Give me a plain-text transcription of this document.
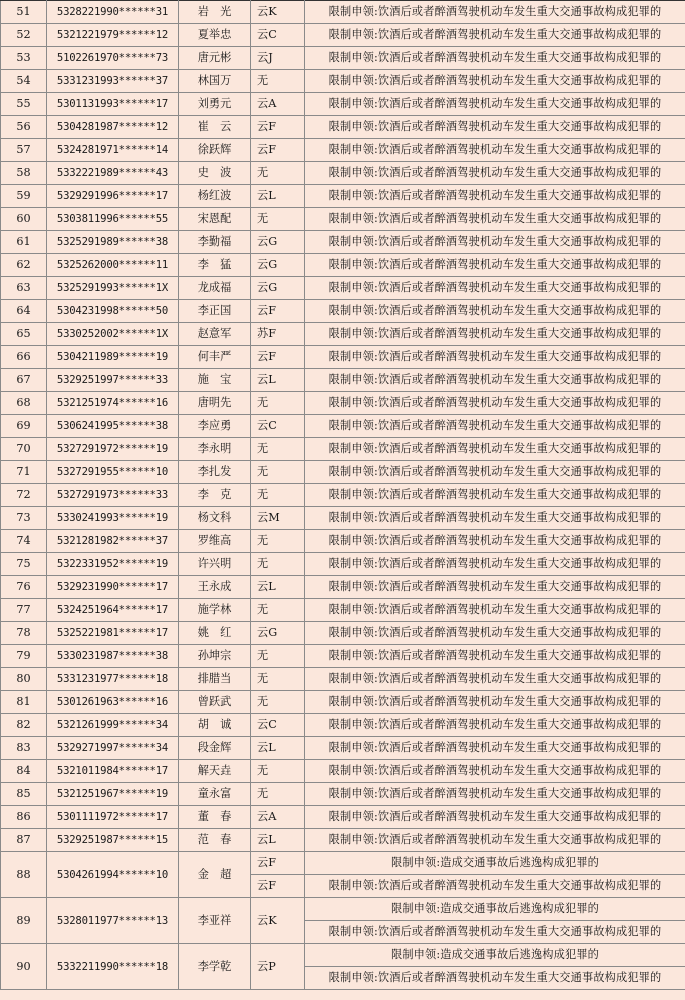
51	5328221990******31	岩　光	云K	限制申领:饮酒后或者醉酒驾驶机动车发生重大交通事故构成犯罪的
52	5321221979******12	夏举忠	云C	限制申领:饮酒后或者醉酒驾驶机动车发生重大交通事故构成犯罪的
53	5102261970******73	唐元彬	云J	限制申领:饮酒后或者醉酒驾驶机动车发生重大交通事故构成犯罪的
54	5331231993******37	林国万	无	限制申领:饮酒后或者醉酒驾驶机动车发生重大交通事故构成犯罪的
55	5301131993******17	刘勇元	云A	限制申领:饮酒后或者醉酒驾驶机动车发生重大交通事故构成犯罪的
56	5304281987******12	崔　云	云F	限制申领:饮酒后或者醉酒驾驶机动车发生重大交通事故构成犯罪的
57	5324281971******14	徐跃辉	云F	限制申领:饮酒后或者醉酒驾驶机动车发生重大交通事故构成犯罪的
58	5332221989******43	史　波	无	限制申领:饮酒后或者醉酒驾驶机动车发生重大交通事故构成犯罪的
59	5329291996******17	杨红波	云L	限制申领:饮酒后或者醉酒驾驶机动车发生重大交通事故构成犯罪的
60	5303811996******55	宋恩配	无	限制申领:饮酒后或者醉酒驾驶机动车发生重大交通事故构成犯罪的
61	5325291989******38	李勤福	云G	限制申领:饮酒后或者醉酒驾驶机动车发生重大交通事故构成犯罪的
62	5325262000******11	李　猛	云G	限制申领:饮酒后或者醉酒驾驶机动车发生重大交通事故构成犯罪的
63	5325291993******1X	龙成福	云G	限制申领:饮酒后或者醉酒驾驶机动车发生重大交通事故构成犯罪的
64	5304231998******50	李正国	云F	限制申领:饮酒后或者醉酒驾驶机动车发生重大交通事故构成犯罪的
65	5330252002******1X	赵意军	苏F	限制申领:饮酒后或者醉酒驾驶机动车发生重大交通事故构成犯罪的
66	5304211989******19	何丰严	云F	限制申领:饮酒后或者醉酒驾驶机动车发生重大交通事故构成犯罪的
67	5329251997******33	施　宝	云L	限制申领:饮酒后或者醉酒驾驶机动车发生重大交通事故构成犯罪的
68	5321251974******16	唐明先	无	限制申领:饮酒后或者醉酒驾驶机动车发生重大交通事故构成犯罪的
69	5306241995******38	李应勇	云C	限制申领:饮酒后或者醉酒驾驶机动车发生重大交通事故构成犯罪的
70	5327291972******19	李永明	无	限制申领:饮酒后或者醉酒驾驶机动车发生重大交通事故构成犯罪的
71	5327291955******10	李扎发	无	限制申领:饮酒后或者醉酒驾驶机动车发生重大交通事故构成犯罪的
72	5327291973******33	李　克	无	限制申领:饮酒后或者醉酒驾驶机动车发生重大交通事故构成犯罪的
73	5330241993******19	杨文科	云M	限制申领:饮酒后或者醉酒驾驶机动车发生重大交通事故构成犯罪的
74	5321281982******37	罗维高	无	限制申领:饮酒后或者醉酒驾驶机动车发生重大交通事故构成犯罪的
75	5322331952******19	许兴明	无	限制申领:饮酒后或者醉酒驾驶机动车发生重大交通事故构成犯罪的
76	5329231990******17	王永成	云L	限制申领:饮酒后或者醉酒驾驶机动车发生重大交通事故构成犯罪的
77	5324251964******17	施学林	无	限制申领:饮酒后或者醉酒驾驶机动车发生重大交通事故构成犯罪的
78	5325221981******17	姚　红	云G	限制申领:饮酒后或者醉酒驾驶机动车发生重大交通事故构成犯罪的
79	5330231987******38	孙坤宗	无	限制申领:饮酒后或者醉酒驾驶机动车发生重大交通事故构成犯罪的
80	5331231977******18	排腊当	无	限制申领:饮酒后或者醉酒驾驶机动车发生重大交通事故构成犯罪的
81	5301261963******16	曾跃武	无	限制申领:饮酒后或者醉酒驾驶机动车发生重大交通事故构成犯罪的
82	5321261999******34	胡　诚	云C	限制申领:饮酒后或者醉酒驾驶机动车发生重大交通事故构成犯罪的
83	5329271997******34	段金辉	云L	限制申领:饮酒后或者醉酒驾驶机动车发生重大交通事故构成犯罪的
84	5321011984******17	解天垚	无	限制申领:饮酒后或者醉酒驾驶机动车发生重大交通事故构成犯罪的
85	5321251967******19	童永富	无	限制申领:饮酒后或者醉酒驾驶机动车发生重大交通事故构成犯罪的
86	5301111972******17	董　春	云A	限制申领:饮酒后或者醉酒驾驶机动车发生重大交通事故构成犯罪的
87	5329251987******15	范　春	云L	限制申领:饮酒后或者醉酒驾驶机动车发生重大交通事故构成犯罪的
88	5304261994******10	金　超	云F	限制申领:造成交通事故后逃逸构成犯罪的
			云F	限制申领:饮酒后或者醉酒驾驶机动车发生重大交通事故构成犯罪的
89	5328011977******13	李亚祥	云K	限制申领:造成交通事故后逃逸构成犯罪的
				限制申领:饮酒后或者醉酒驾驶机动车发生重大交通事故构成犯罪的
90	5332211990******18	李学乾	云P	限制申领:造成交通事故后逃逸构成犯罪的
				限制申领:饮酒后或者醉酒驾驶机动车发生重大交通事故构成犯罪的
